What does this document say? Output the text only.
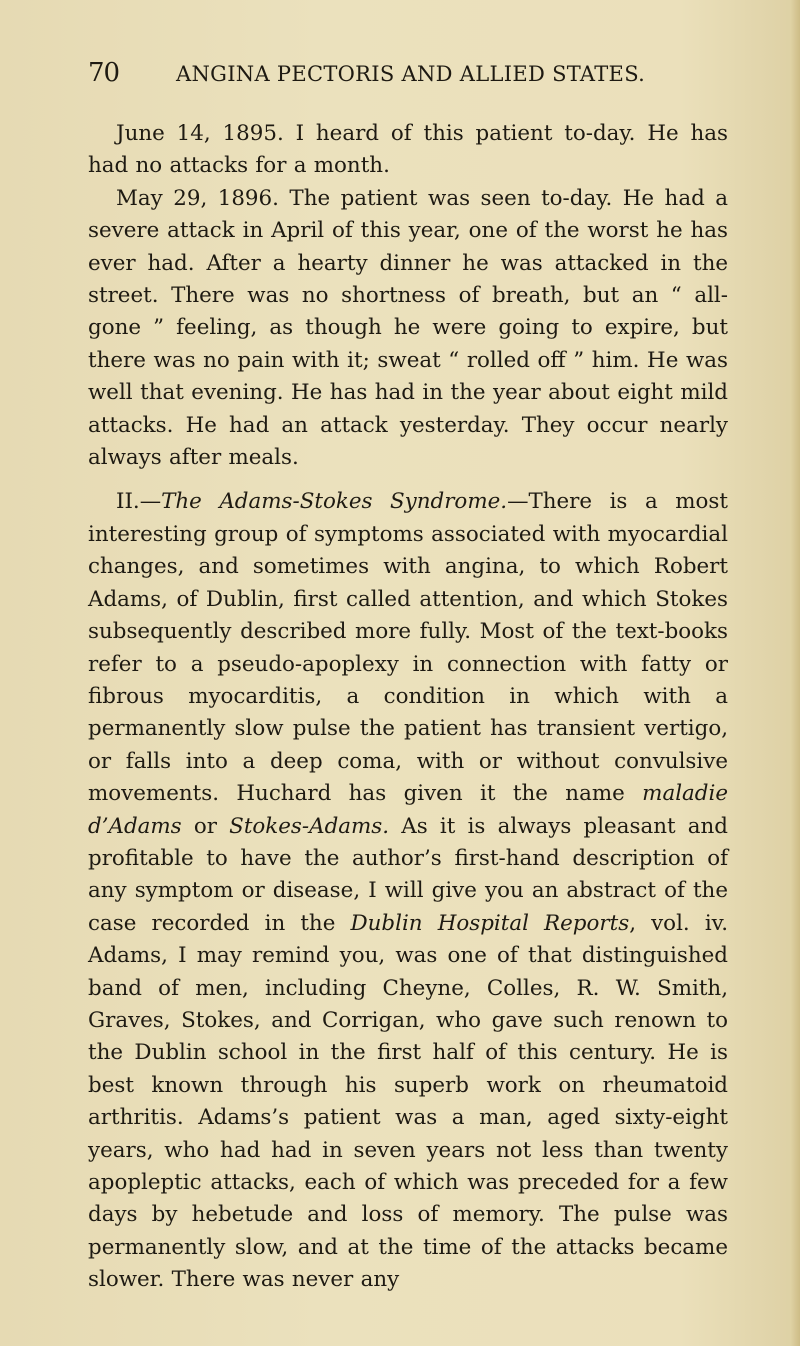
70	ANGINA PECTORIS AND ALLIED STATES.

June 14, 1895. I heard of this patient to-day. He has had no attacks for a month.

May 29, 1896. The patient was seen to-day. He had a severe attack in April of this year, one of the worst he has ever had. After a hearty dinner he was attacked in the street. There was no shortness of breath, but an “ all-gone ” feeling, as though he were going to expire, but there was no pain with it; sweat “ rolled off ” him. He was well that evening. He has had in the year about eight mild attacks. He had an attack yesterday. They occur nearly always after meals.

II.—The Adams-Stokes Syndrome.—There is a most interesting group of symptoms associated with myocardial changes, and sometimes with angina, to which Robert Adams, of Dublin, first called attention, and which Stokes subsequently described more fully. Most of the text-books refer to a pseudo-apoplexy in connection with fatty or fibrous myocarditis, a condition in which with a permanently slow pulse the patient has transient vertigo, or falls into a deep coma, with or without convulsive movements. Huchard has given it the name maladie d’Adams or Stokes-Adams. As it is always pleasant and profitable to have the author’s first-hand description of any symptom or disease, I will give you an abstract of the case recorded in the Dublin Hospital Reports, vol. iv. Adams, I may remind you, was one of that distinguished band of men, including Cheyne, Colles, R. W. Smith, Graves, Stokes, and Corrigan, who gave such renown to the Dublin school in the first half of this century. He is best known through his superb work on rheumatoid arthritis. Adams’s patient was a man, aged sixty-eight years, who had had in seven years not less than twenty apopleptic attacks, each of which was preceded for a few days by hebetude and loss of memory. The pulse was permanently slow, and at the time of the attacks became slower. There was never any
